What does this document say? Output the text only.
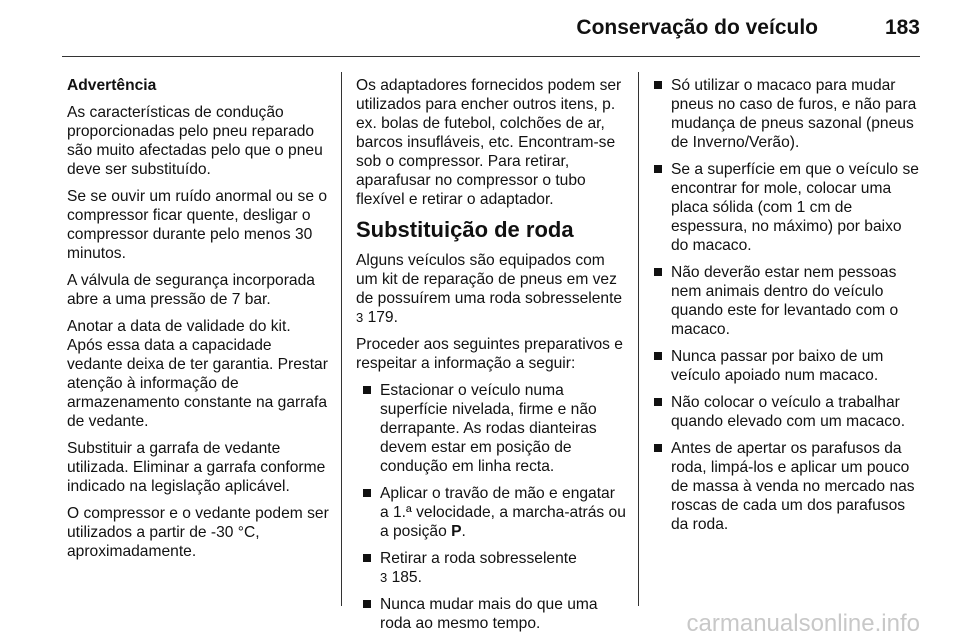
Conservação do veículo	183

Advertência

As características de condução proporcionadas pelo pneu reparado são muito afectadas pelo que o pneu deve ser substituído.

Se se ouvir um ruído anormal ou se o compressor ficar quente, desligar o compressor durante pelo menos 30 minutos.

A válvula de segurança incorporada abre a uma pressão de 7 bar.

Anotar a data de validade do kit. Após essa data a capacidade vedante deixa de ter garantia. Prestar atenção à informação de armazenamento constante na garrafa de vedante.

Substituir a garrafa de vedante utilizada. Eliminar a garrafa conforme indicado na legislação aplicável.

O compressor e o vedante podem ser utilizados a partir de -30 °C, aproximadamente.

Os adaptadores fornecidos podem ser utilizados para encher outros itens, p. ex. bolas de futebol, colchões de ar, barcos insufláveis, etc. Encontram-se sob o compressor. Para retirar, aparafusar no compressor o tubo flexível e retirar o adaptador.

Substituição de roda

Alguns veículos são equipados com um kit de reparação de pneus em vez de possuírem uma roda sobresselente 3 179.

Proceder aos seguintes preparativos e respeitar a informação a seguir:

Estacionar o veículo numa superfície nivelada, firme e não derrapante. As rodas dianteiras devem estar em posição de condução em linha recta.
Aplicar o travão de mão e engatar a 1.ª velocidade, a marcha-atrás ou a posição P.
Retirar a roda sobresselente
3 185.
Nunca mudar mais do que uma roda ao mesmo tempo.
Só utilizar o macaco para mudar pneus no caso de furos, e não para mudança de pneus sazonal (pneus de Inverno/Verão).
Se a superfície em que o veículo se encontrar for mole, colocar uma placa sólida (com 1 cm de espessura, no máximo) por baixo do macaco.
Não deverão estar nem pessoas nem animais dentro do veículo quando este for levantado com o macaco.
Nunca passar por baixo de um veículo apoiado num macaco.
Não colocar o veículo a trabalhar quando elevado com um macaco.
Antes de apertar os parafusos da roda, limpá-los e aplicar um pouco de massa à venda no mercado nas roscas de cada um dos parafusos da roda.
carmanualsonline.info
